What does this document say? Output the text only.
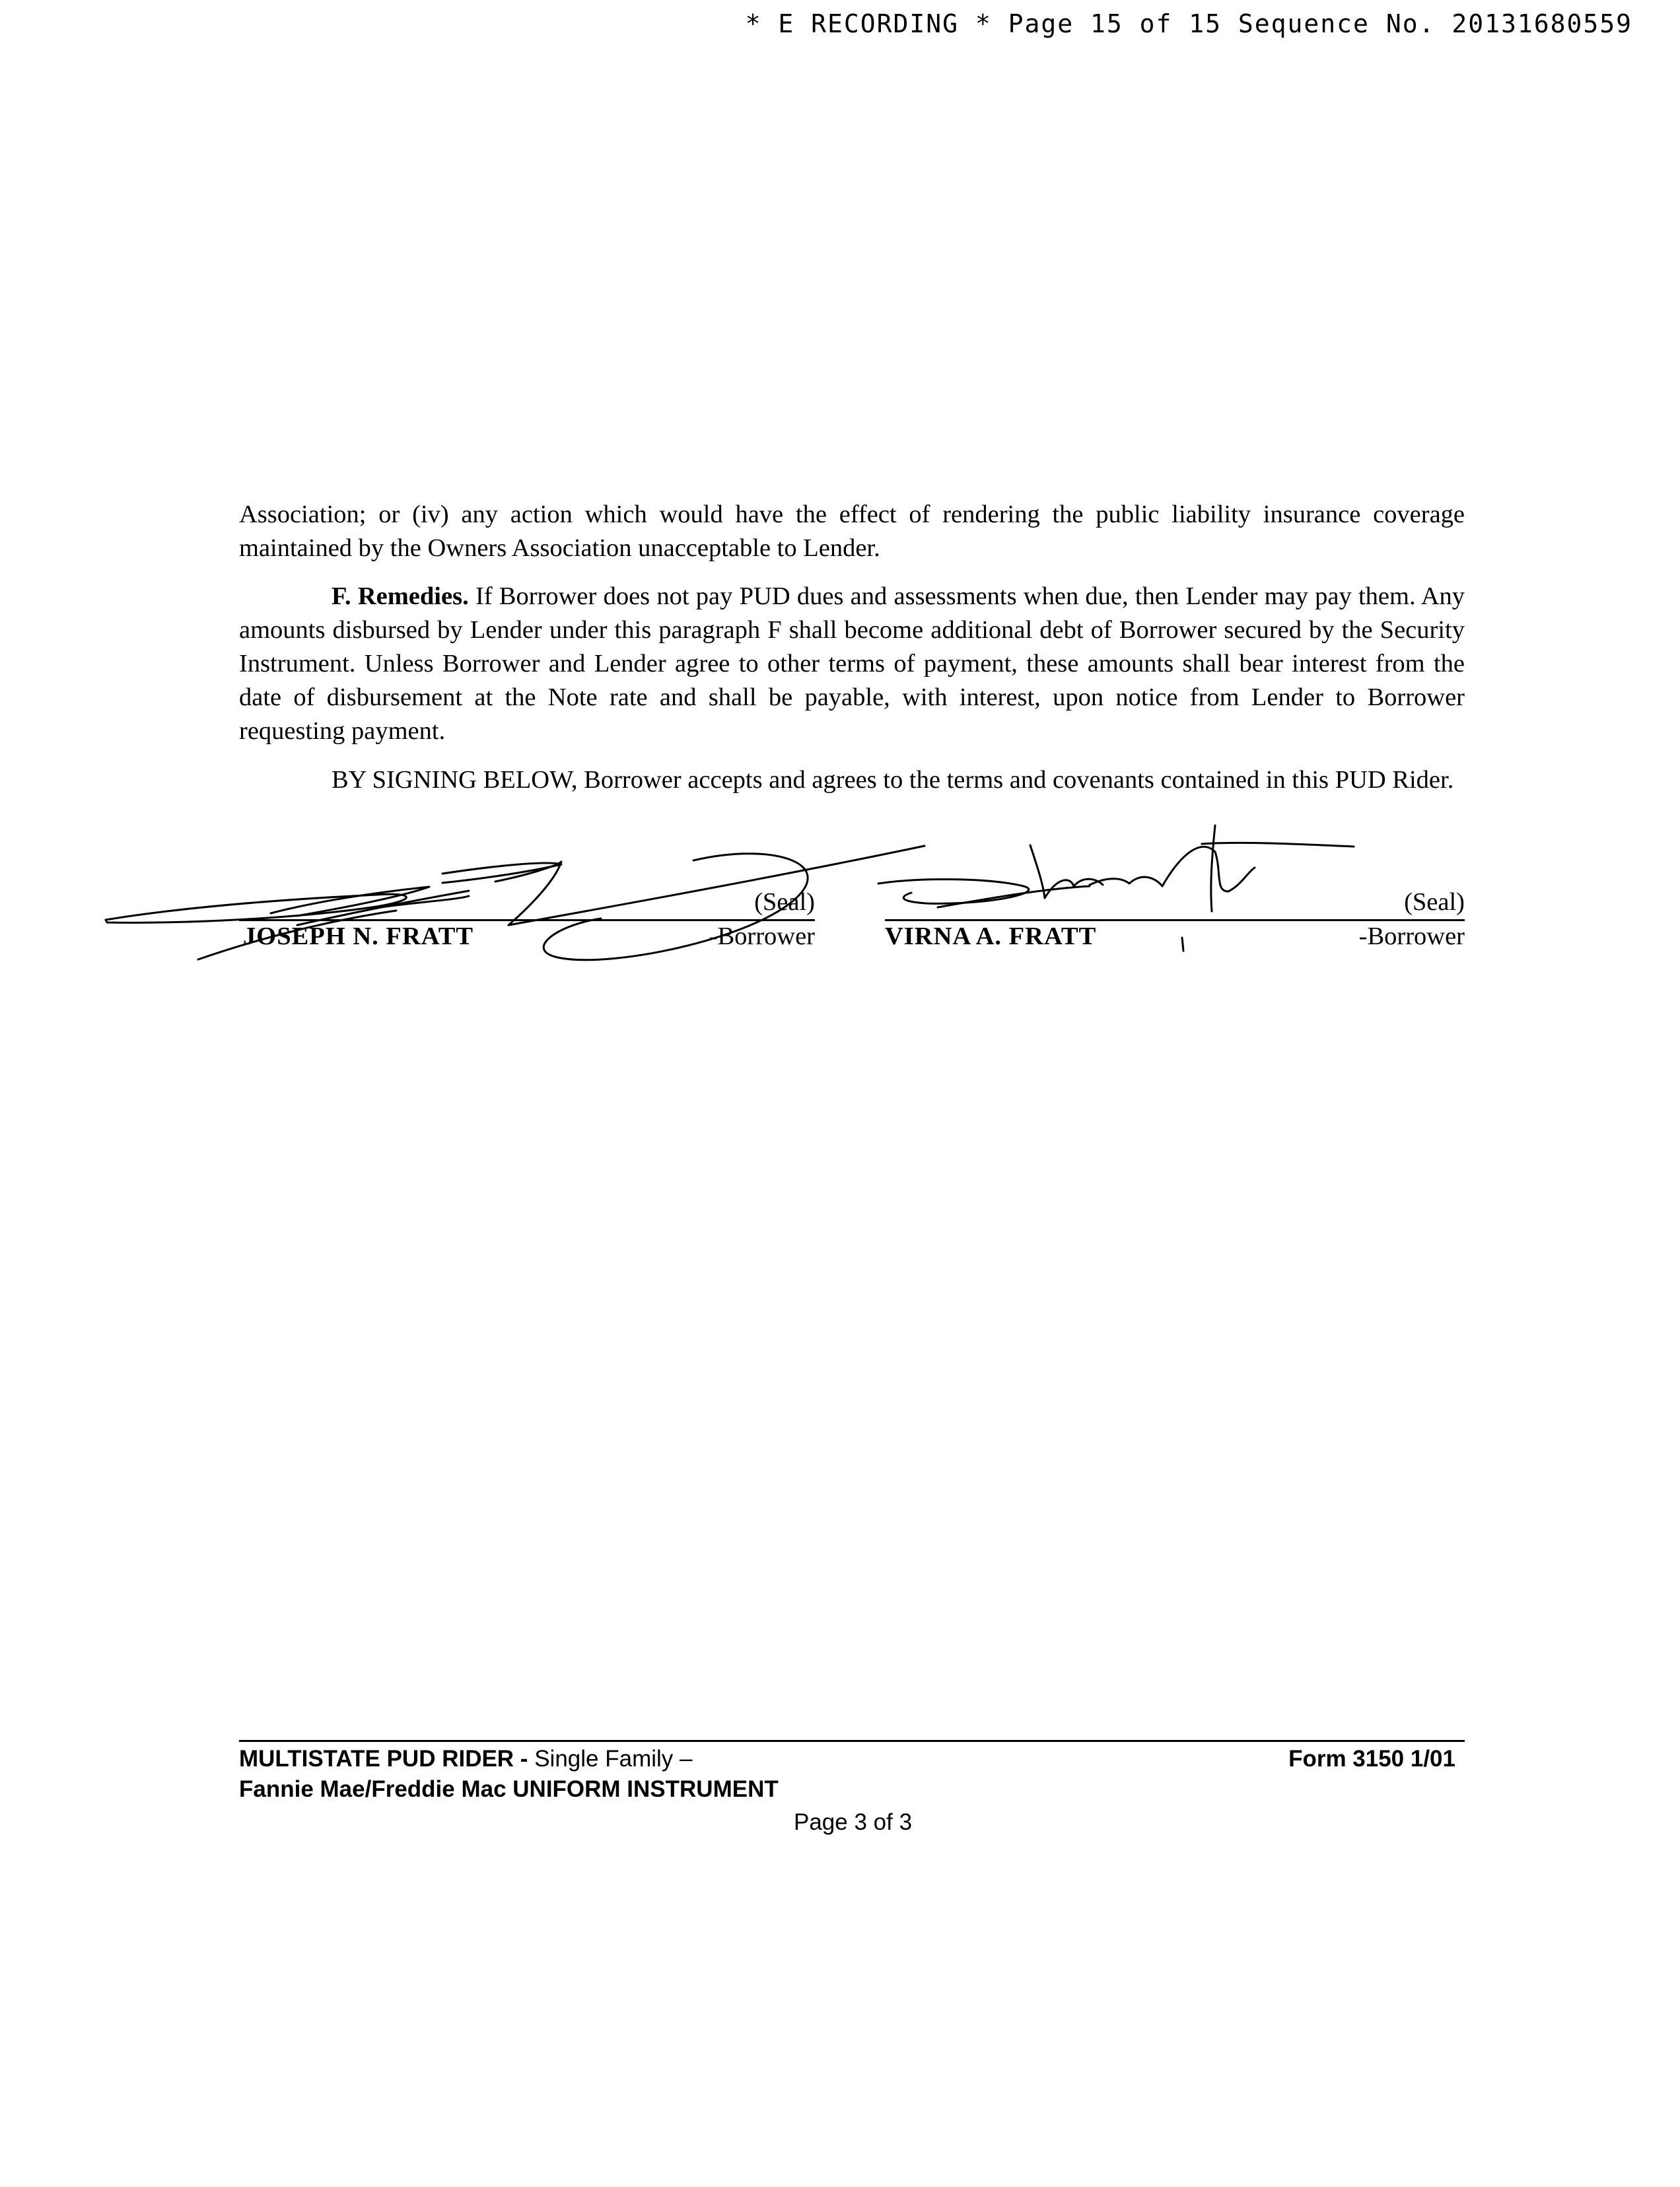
* E RECORDING * Page 15 of 15 Sequence No. 20131680559

Association; or (iv) any action which would have the effect of rendering the public liability insurance coverage maintained by the Owners Association unacceptable to Lender.

F. Remedies. If Borrower does not pay PUD dues and assessments when due, then Lender may pay them. Any amounts disbursed by Lender under this paragraph F shall become additional debt of Borrower secured by the Security Instrument. Unless Borrower and Lender agree to other terms of payment, these amounts shall bear interest from the date of disbursement at the Note rate and shall be payable, with interest, upon notice from Lender to Borrower requesting payment.

BY SIGNING BELOW, Borrower accepts and agrees to the terms and covenants contained in this PUD Rider.

(Seal)
JOSEPH N. FRATT	-Borrower
(Seal)
VIRNA A. FRATT	-Borrower
MULTISTATE PUD RIDER - Single Family –	Form 3150 1/01
Fannie Mae/Freddie Mac UNIFORM INSTRUMENT
Page 3 of 3
